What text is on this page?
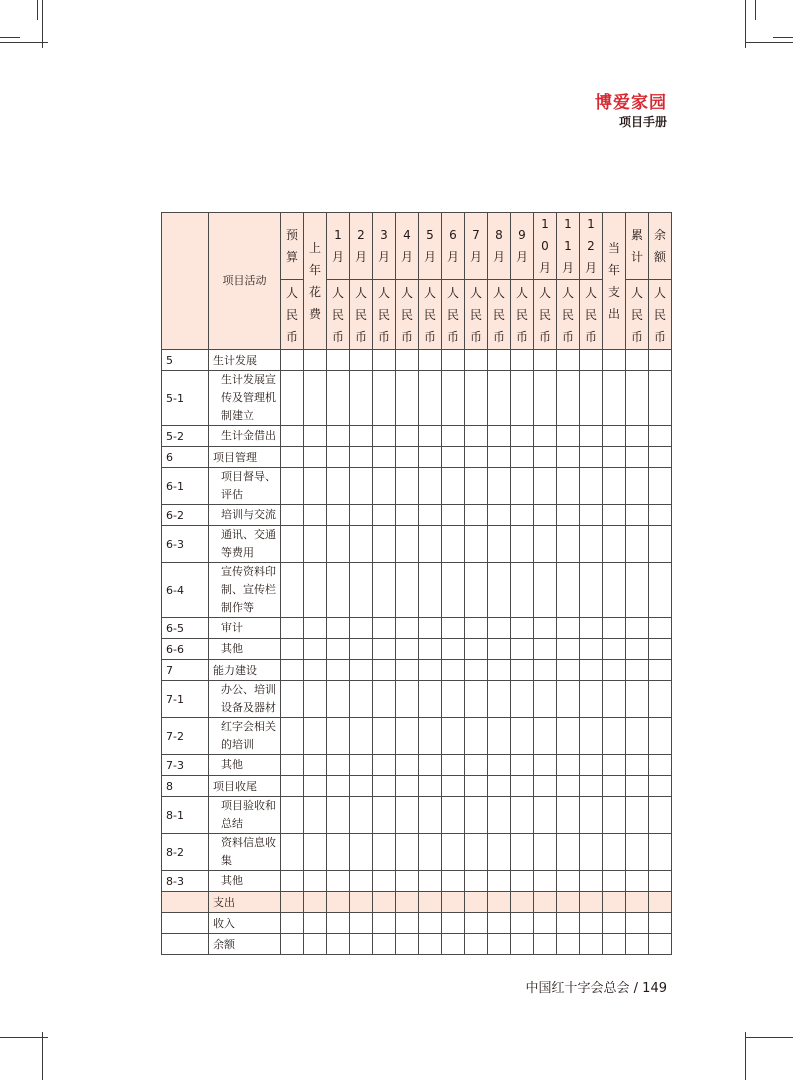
博爱家园
项目手册
	项目活动	预算	上年花费	1月	2月	3月	4月	5月	6月	7月	8月	9月	10月	11月	12月	当年支出	累计	余额
		人民币		人民币	人民币	人民币	人民币	人民币	人民币	人民币	人民币	人民币	人民币	人民币	人民币		人民币	人民币
5	生计发展																	
5-1	生计发展宣传及管理机制建立																	
5-2	生计金借出																	
6	项目管理																	
6-1	项目督导、评估																	
6-2	培训与交流																	
6-3	通讯、交通等费用																	
6-4	宣传资料印制、宣传栏制作等																	
6-5	审计																	
6-6	其他																	
7	能力建设																	
7-1	办公、培训设备及器材																	
7-2	红字会相关的培训																	
7-3	其他																	
8	项目收尾																	
8-1	项目验收和总结																	
8-2	资料信息收集																	
8-3	其他																	
	支出																	
	收入																	
	余额																	
中国红十字会总会 / 149
